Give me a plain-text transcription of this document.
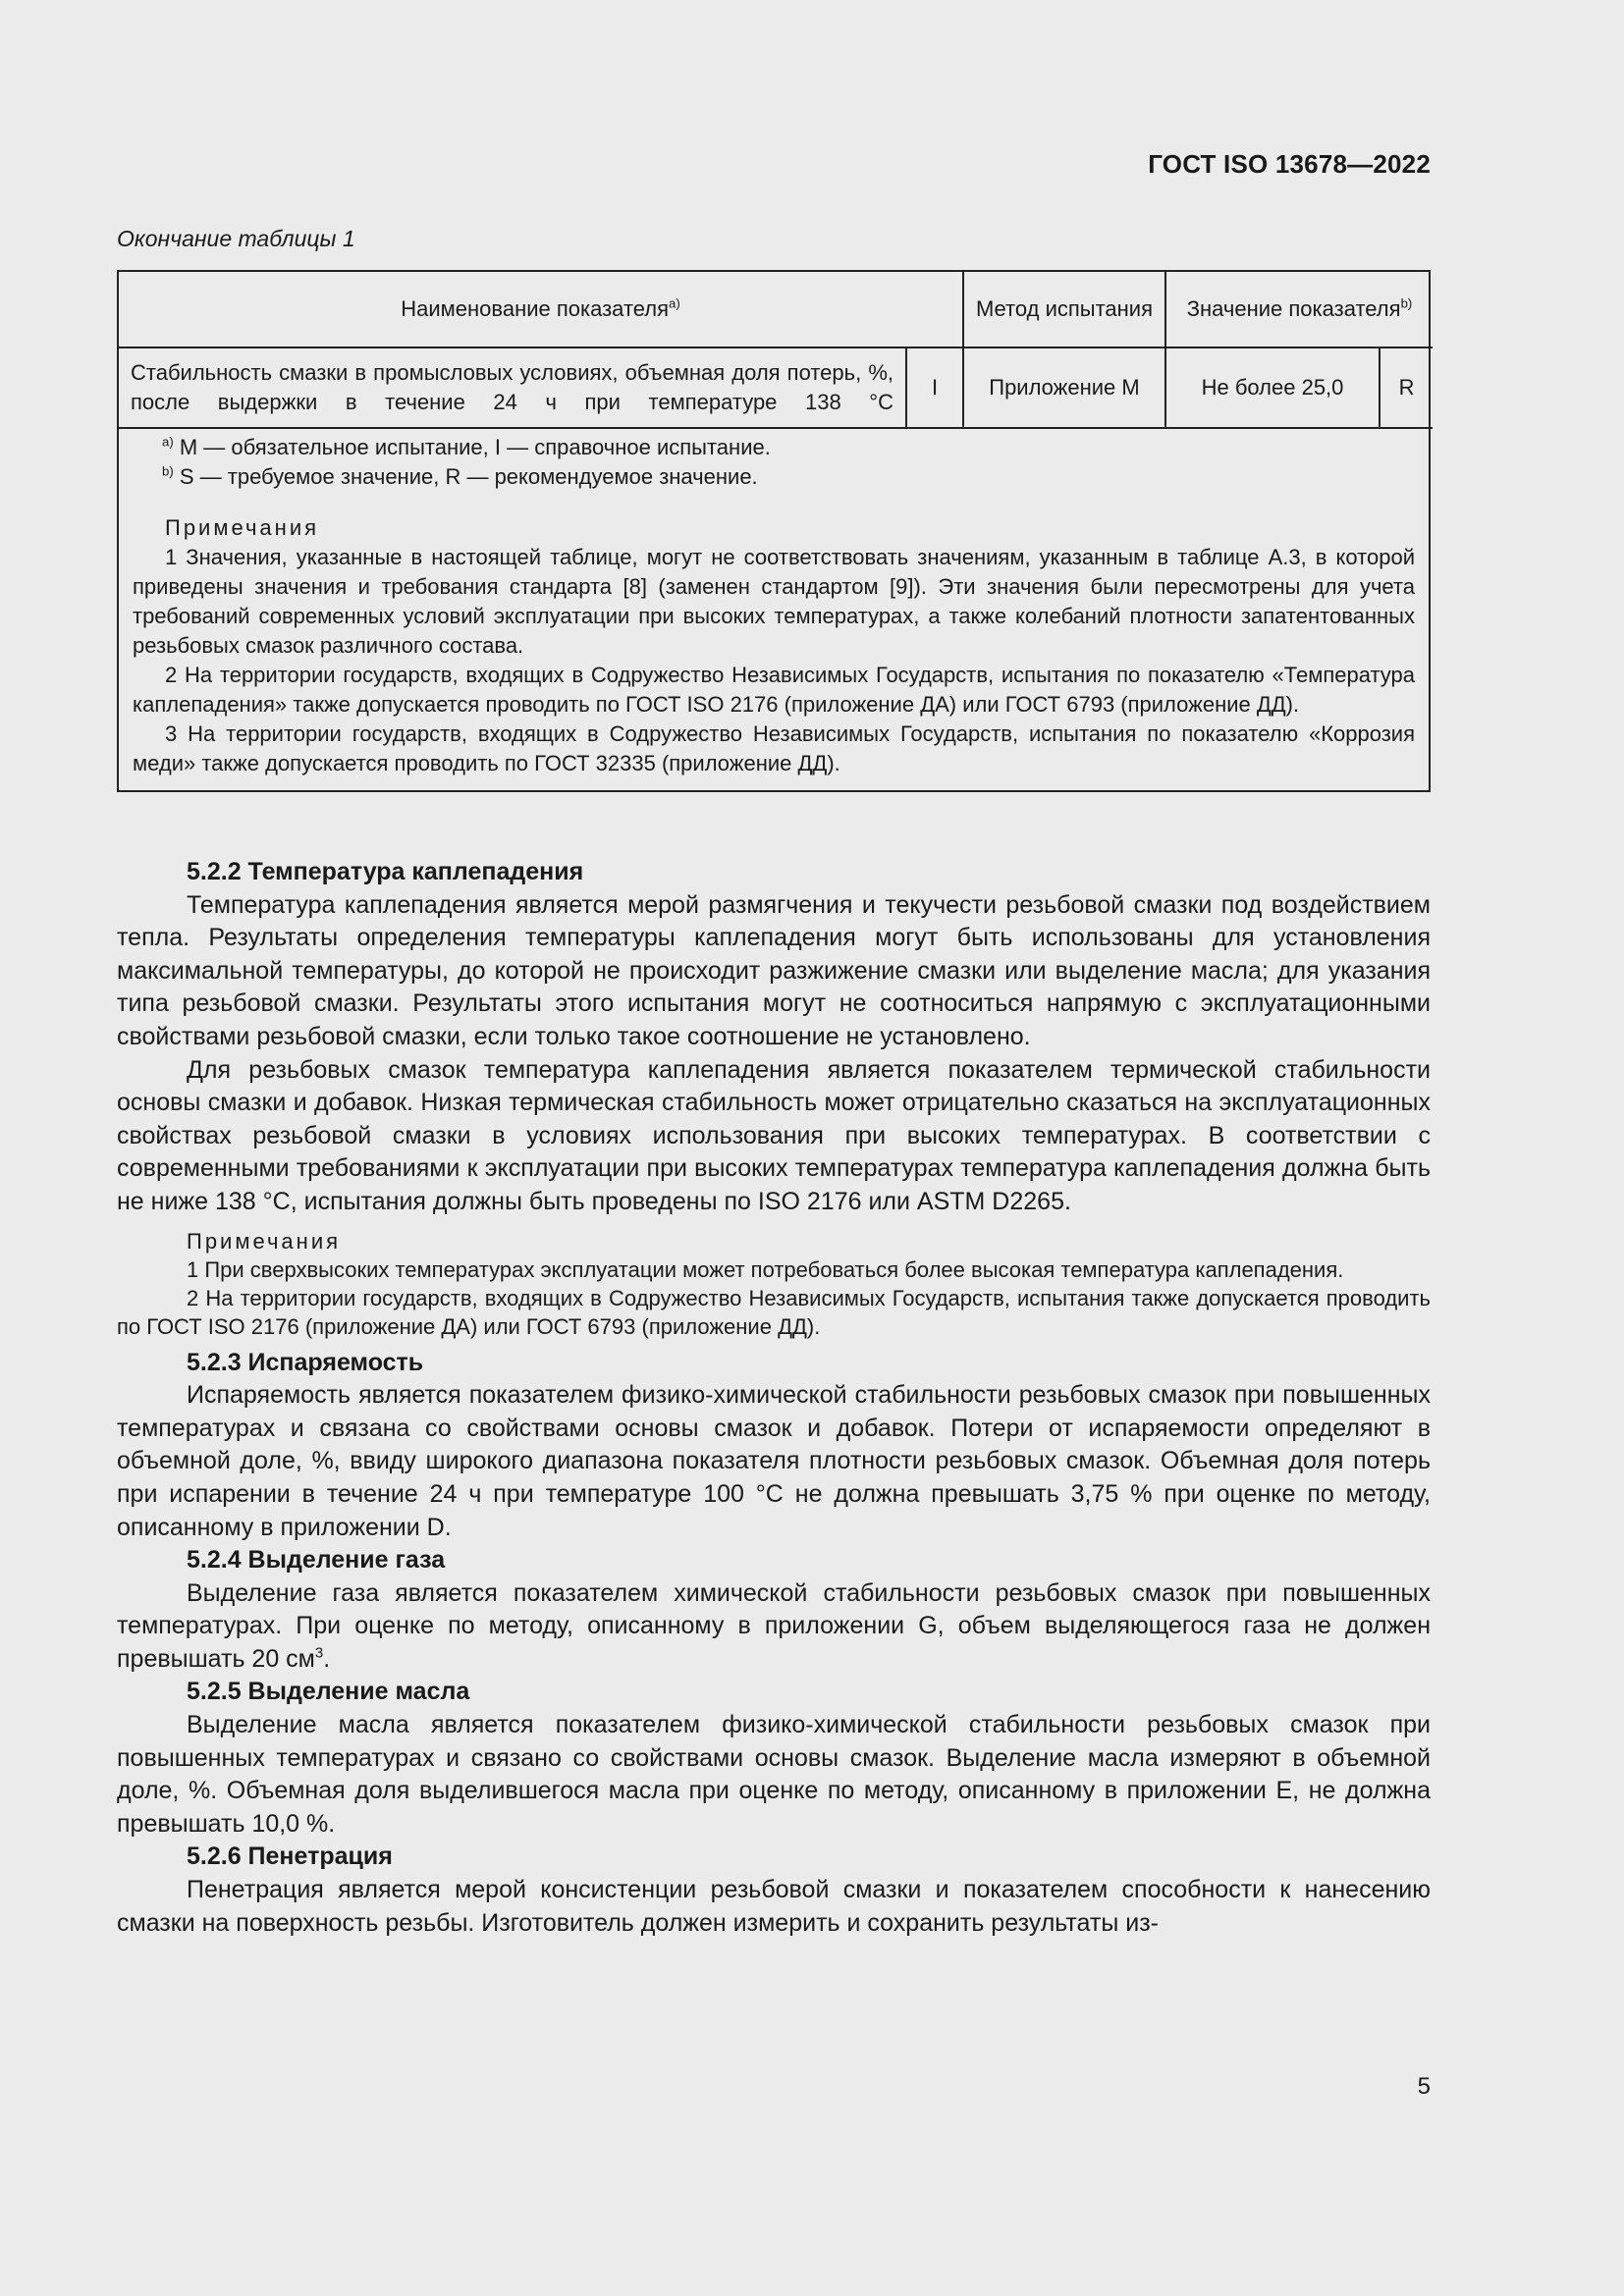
ГОСТ ISO 13678—2022
Окончание таблицы 1
Наименование показателя$^{a)}$		Метод испытания	Значение показателя$^{b)}$
Стабильность смазки в промысловых условиях, объемная доля потерь, %, после выдержки в течение 24 ч при температуре 138 °С	I	Приложение М	Не более 25,0	R

$^{a)}$ M — обязательное испытание, I — справочное испытание.

$^{b)}$ S — требуемое значение, R — рекомендуемое значение.

Примечания

1 Значения, указанные в настоящей таблице, могут не соответствовать значениям, указанным в таблице А.3, в которой приведены значения и требования стандарта [8] (заменен стандартом [9]). Эти значения были пересмотрены для учета требований современных условий эксплуатации при высоких температурах, а также колебаний плотности запатентованных резьбовых смазок различного состава.

2 На территории государств, входящих в Содружество Независимых Государств, испытания по показателю «Температура каплепадения» также допускается проводить по ГОСТ ISO 2176 (приложение ДА) или ГОСТ 6793 (приложение ДД).

3 На территории государств, входящих в Содружество Независимых Государств, испытания по показателю «Коррозия меди» также допускается проводить по ГОСТ 32335 (приложение ДД).

5.2.2 Температура каплепадения

Температура каплепадения является мерой размягчения и текучести резьбовой смазки под воздействием тепла. Результаты определения температуры каплепадения могут быть использованы для установления максимальной температуры, до которой не происходит разжижение смазки или выделение масла; для указания типа резьбовой смазки. Результаты этого испытания могут не соотноситься напрямую с эксплуатационными свойствами резьбовой смазки, если только такое соотношение не установлено.

Для резьбовых смазок температура каплепадения является показателем термической стабильности основы смазки и добавок. Низкая термическая стабильность может отрицательно сказаться на эксплуатационных свойствах резьбовой смазки в условиях использования при высоких температурах. В соответствии с современными требованиями к эксплуатации при высоких температурах температура каплепадения должна быть не ниже 138 °С, испытания должны быть проведены по ISO 2176 или ASTM D2265.

Примечания

1 При сверхвысоких температурах эксплуатации может потребоваться более высокая температура каплепадения.

2 На территории государств, входящих в Содружество Независимых Государств, испытания также допускается проводить по ГОСТ ISO 2176 (приложение ДА) или ГОСТ 6793 (приложение ДД).

5.2.3 Испаряемость

Испаряемость является показателем физико-химической стабильности резьбовых смазок при повышенных температурах и связана со свойствами основы смазок и добавок. Потери от испаряемости определяют в объемной доле, %, ввиду широкого диапазона показателя плотности резьбовых смазок. Объемная доля потерь при испарении в течение 24 ч при температуре 100 °С не должна превышать 3,75 % при оценке по методу, описанному в приложении D.

5.2.4 Выделение газа

Выделение газа является показателем химической стабильности резьбовых смазок при повышенных температурах. При оценке по методу, описанному в приложении G, объем выделяющегося газа не должен превышать 20 $см^3$.

5.2.5 Выделение масла

Выделение масла является показателем физико-химической стабильности резьбовых смазок при повышенных температурах и связано со свойствами основы смазок. Выделение масла измеряют в объемной доле, %. Объемная доля выделившегося масла при оценке по методу, описанному в приложении Е, не должна превышать 10,0 %.

5.2.6 Пенетрация

Пенетрация является мерой консистенции резьбовой смазки и показателем способности к нанесению смазки на поверхность резьбы. Изготовитель должен измерить и сохранить результаты из-

5
